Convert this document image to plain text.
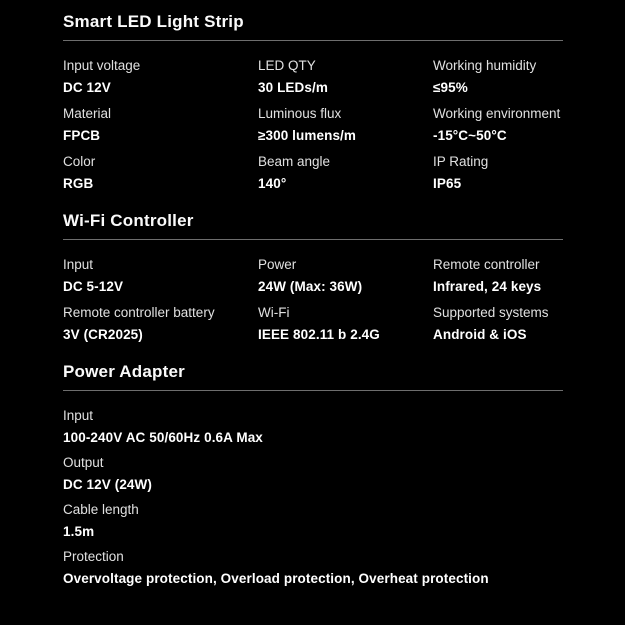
Smart LED Light Strip
Input voltage
DC 12V
LED QTY
30 LEDs/m
Working humidity
≤95%
Material
FPCB
Luminous flux
≥300 lumens/m
Working environment
-15°C~50°C
Color
RGB
Beam angle
140°
IP Rating
IP65
Wi-Fi Controller
Input
DC 5-12V
Power
24W (Max: 36W)
Remote controller
Infrared, 24 keys
Remote controller battery
3V (CR2025)
Wi-Fi
IEEE 802.11 b 2.4G
Supported systems
Android & iOS
Power Adapter
Input
100-240V AC 50/60Hz 0.6A Max
Output
DC 12V (24W)
Cable length
1.5m
Protection
Overvoltage protection, Overload protection, Overheat protection
